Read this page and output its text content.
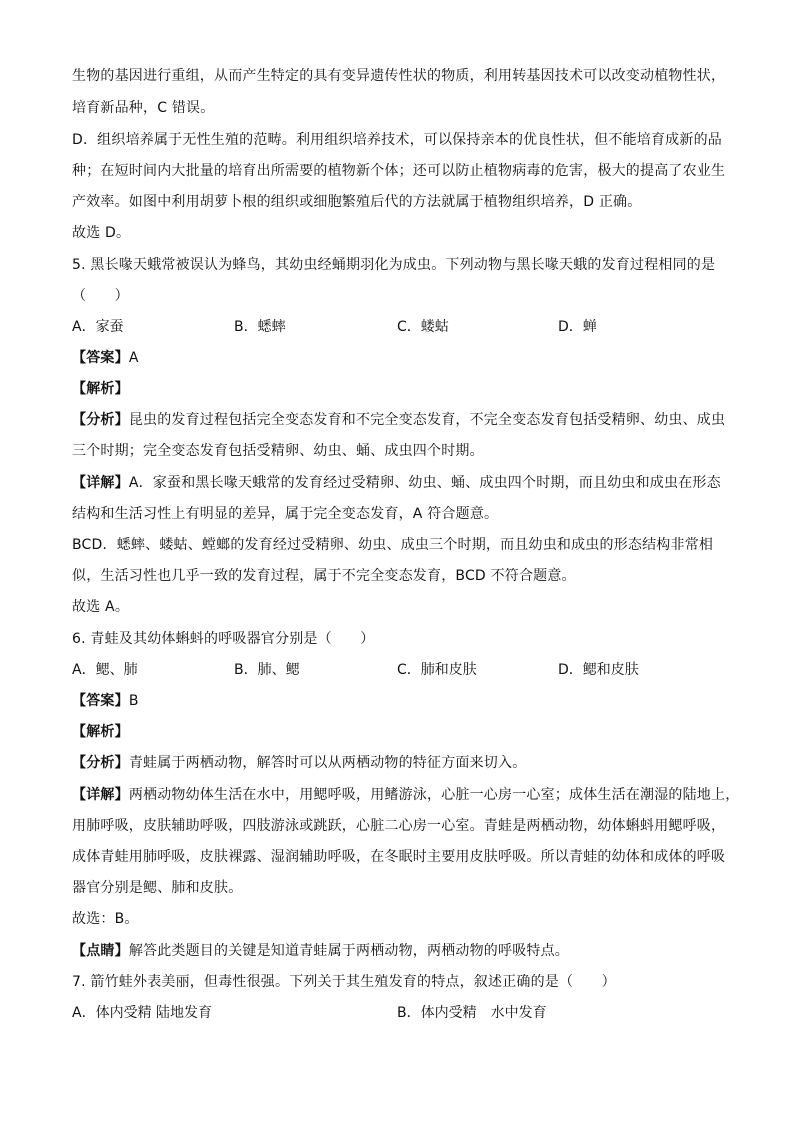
生物的基因进行重组，从而产生特定的具有变异遗传性状的物质，利用转基因技术可以改变动植物性状，
培育新品种，C 错误。
D．组织培养属于无性生殖的范畴。利用组织培养技术，可以保持亲本的优良性状，但不能培育成新的品
种；在短时间内大批量的培育出所需要的植物新个体；还可以防止植物病毒的危害，极大的提高了农业生
产效率。如图中利用胡萝卜根的组织或细胞繁殖后代的方法就属于植物组织培养，D 正确。
故选 D。
5. 黑长喙天蛾常被误认为蜂鸟，其幼虫经蛹期羽化为成虫。下列动物与黑长喙天蛾的发育过程相同的是
（　　）
A．家蚕	B．蟋蟀	C．蝼蛄	D．蝉
【答案】A
【解析】
【分析】昆虫的发育过程包括完全变态发育和不完全变态发育，不完全变态发育包括受精卵、幼虫、成虫
三个时期；完全变态发育包括受精卵、幼虫、蛹、成虫四个时期。
【详解】A．家蚕和黑长喙天蛾常的发育经过受精卵、幼虫、蛹、成虫四个时期，而且幼虫和成虫在形态
结构和生活习性上有明显的差异，属于完全变态发育，A 符合题意。
BCD．蟋蟀、蝼蛄、螳螂的发育经过受精卵、幼虫、成虫三个时期，而且幼虫和成虫的形态结构非常相
似，生活习性也几乎一致的发育过程，属于不完全变态发育，BCD 不符合题意。
故选 A。
6. 青蛙及其幼体蝌蚪的呼吸器官分别是（　　）
A．鳃、肺	B．肺、鳃	C．肺和皮肤	D．鳃和皮肤
【答案】B
【解析】
【分析】青蛙属于两栖动物，解答时可以从两栖动物的特征方面来切入。
【详解】两栖动物幼体生活在水中，用鳃呼吸，用鳍游泳，心脏一心房一心室；成体生活在潮湿的陆地上，
用肺呼吸，皮肤辅助呼吸，四肢游泳或跳跃，心脏二心房一心室。青蛙是两栖动物，幼体蝌蚪用鳃呼吸，
成体青蛙用肺呼吸，皮肤裸露、湿润辅助呼吸，在冬眠时主要用皮肤呼吸。所以青蛙的幼体和成体的呼吸
器官分别是鳃、肺和皮肤。
故选：B。
【点睛】解答此类题目的关键是知道青蛙属于两栖动物，两栖动物的呼吸特点。
7. 箭竹蛙外表美丽，但毒性很强。下列关于其生殖发育的特点，叙述正确的是（　　）
A．体内受精 陆地发育	B．体内受精　水中发育
